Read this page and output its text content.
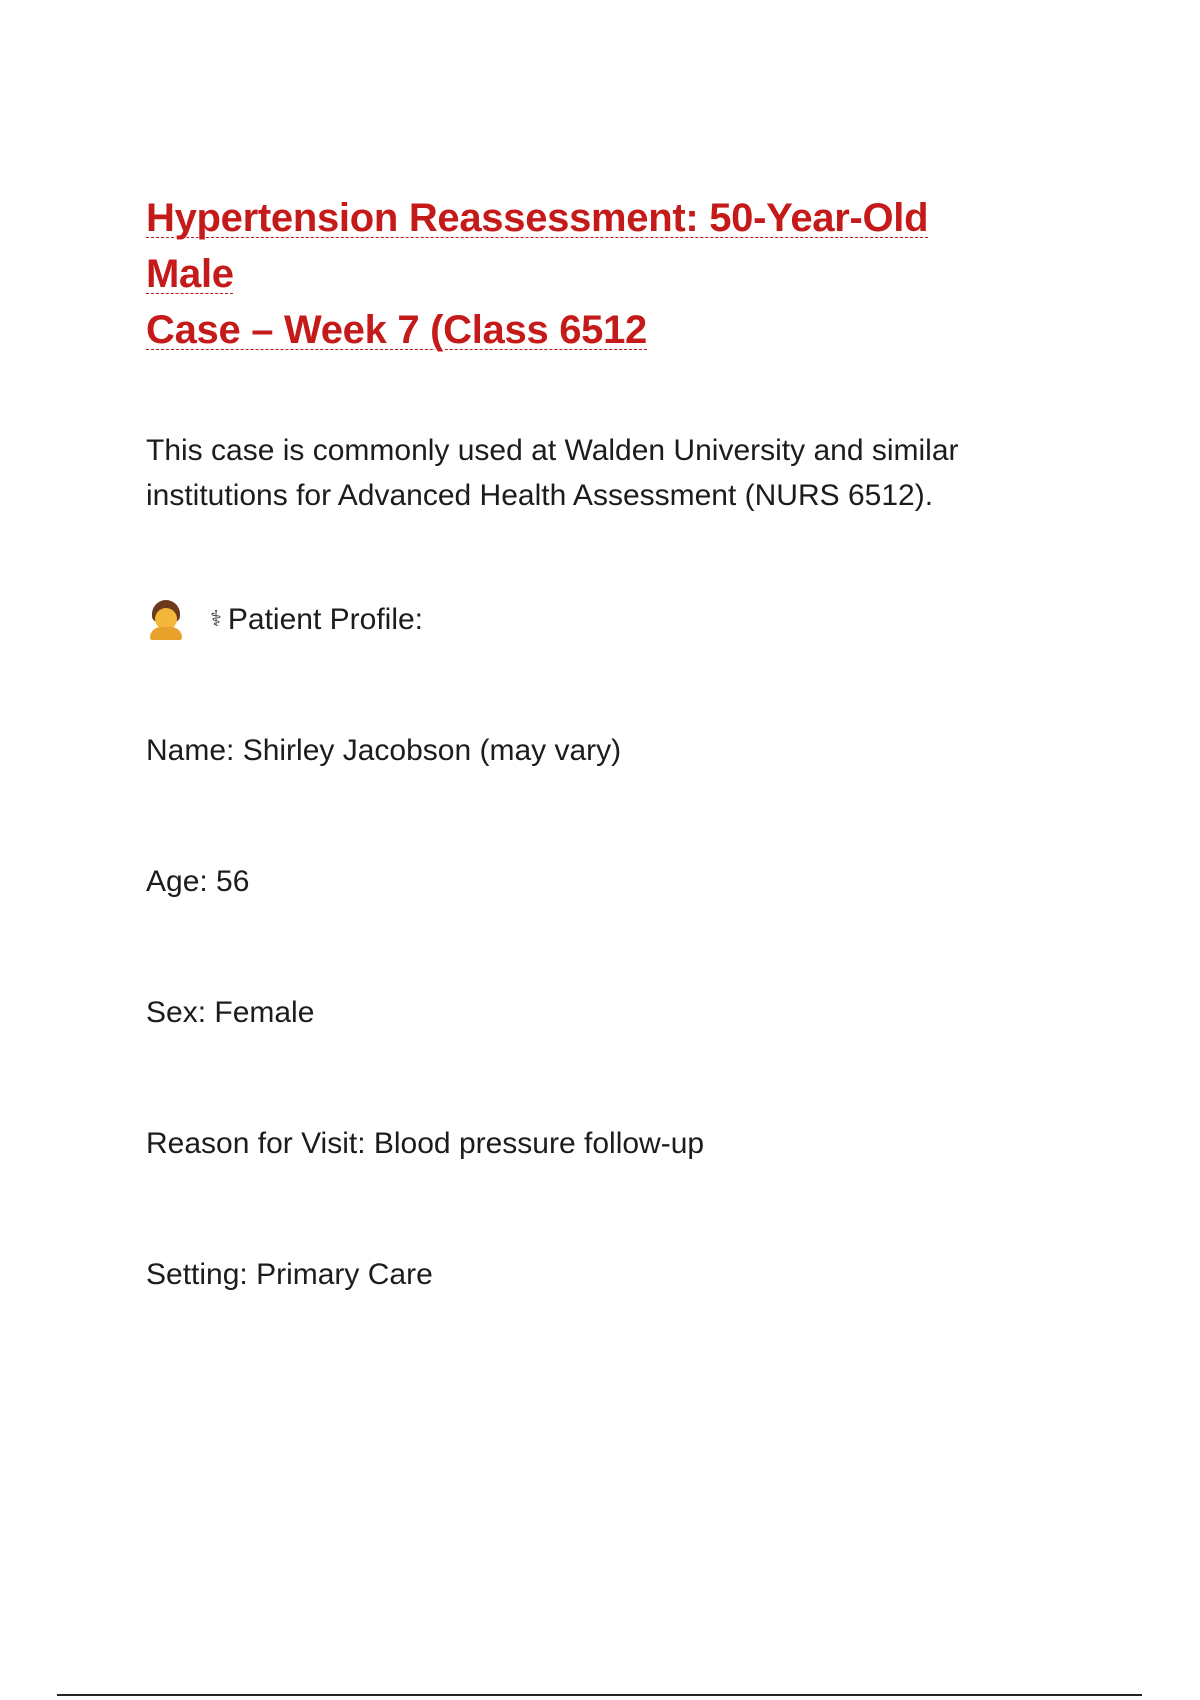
Hypertension Reassessment: 50-Year-Old Male
Case – Week 7 (Class 6512
This case is commonly used at Walden University and similar
institutions for Advanced Health Assessment (NURS 6512).
⚕ Patient Profile:
Name: Shirley Jacobson (may vary)
Age: 56
Sex: Female
Reason for Visit: Blood pressure follow-up
Setting: Primary Care
